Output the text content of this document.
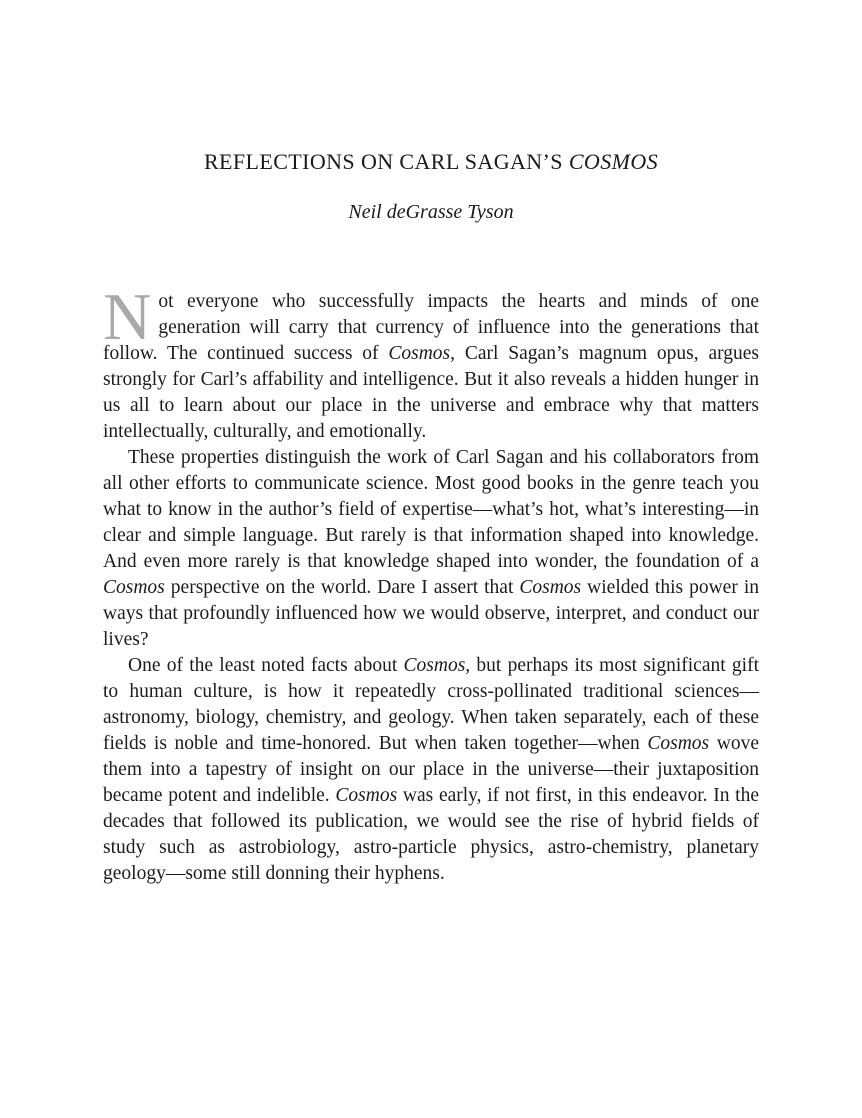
REFLECTIONS ON CARL SAGAN’S COSMOS
Neil deGrasse Tyson

Not everyone who successfully impacts the hearts and minds of one generation will carry that currency of influence into the generations that follow. The continued success of Cosmos, Carl Sagan’s magnum opus, argues strongly for Carl’s affability and intelligence. But it also reveals a hidden hunger in us all to learn about our place in the universe and embrace why that matters intellectually, culturally, and emotionally.

These properties distinguish the work of Carl Sagan and his collaborators from all other efforts to communicate science. Most good books in the genre teach you what to know in the author’s field of expertise—what’s hot, what’s interesting—in clear and simple language. But rarely is that information shaped into knowledge. And even more rarely is that knowledge shaped into wonder, the foundation of a Cosmos perspective on the world. Dare I assert that Cosmos wielded this power in ways that profoundly influenced how we would observe, interpret, and conduct our lives?

One of the least noted facts about Cosmos, but perhaps its most significant gift to human culture, is how it repeatedly cross-pollinated traditional sciences—astronomy, biology, chemistry, and geology. When taken separately, each of these fields is noble and time-honored. But when taken together—when Cosmos wove them into a tapestry of insight on our place in the universe—their juxtaposition became potent and indelible. Cosmos was early, if not first, in this endeavor. In the decades that followed its publication, we would see the rise of hybrid fields of study such as astrobiology, astro-particle physics, astro-chemistry, planetary geology—some still donning their hyphens.
